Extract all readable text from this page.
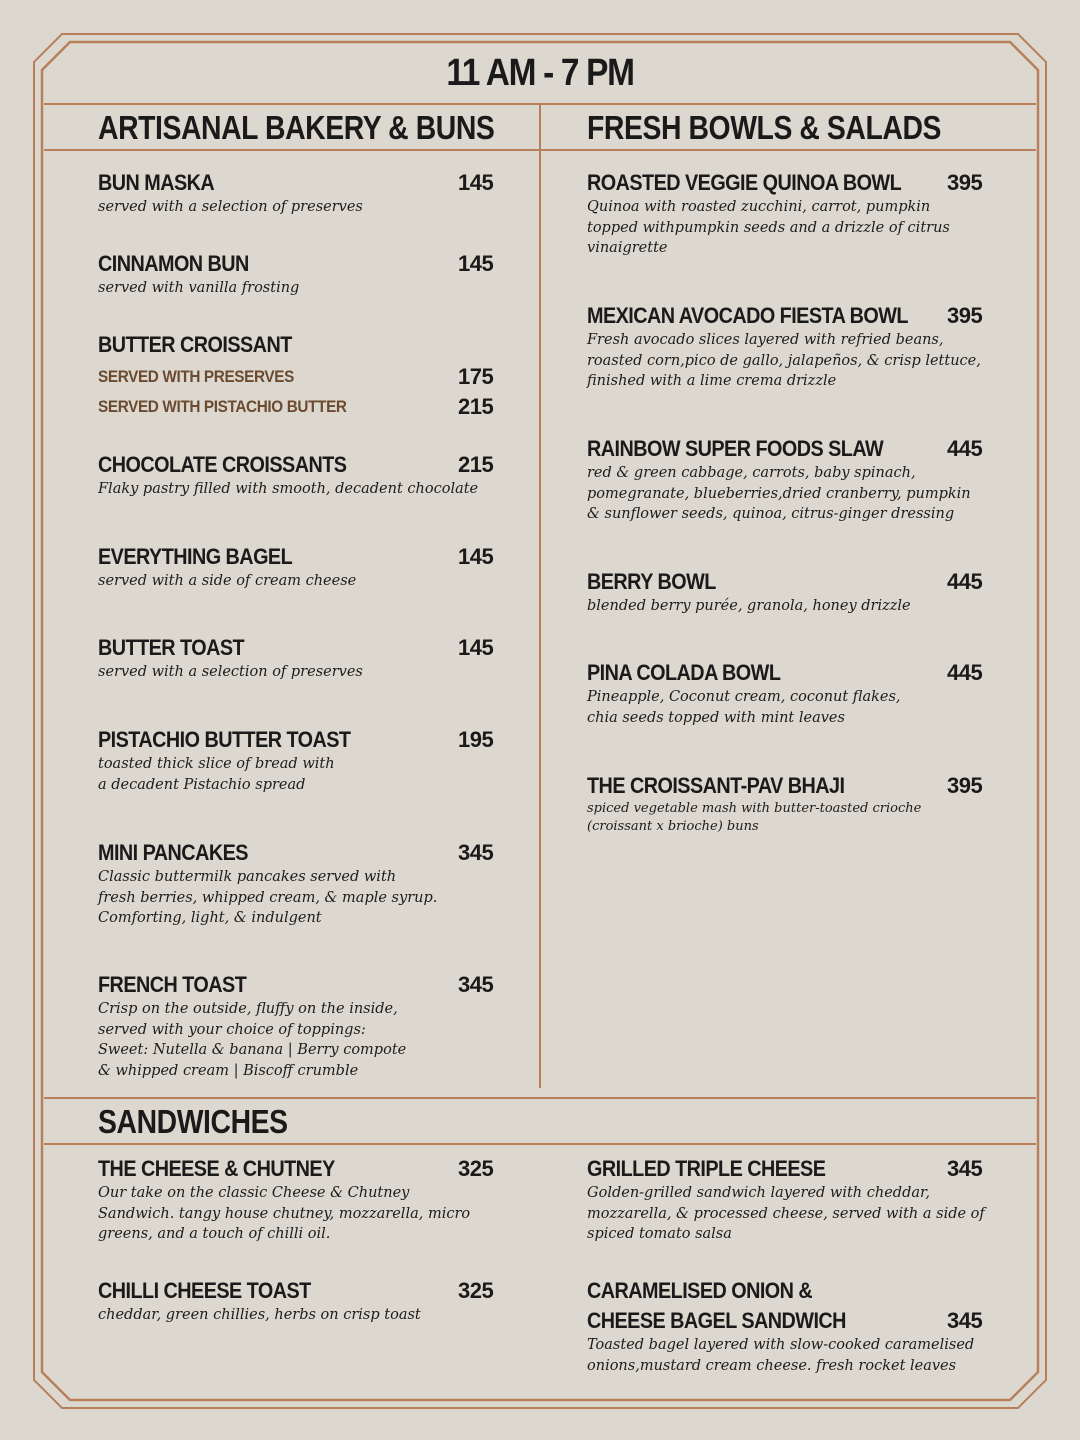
11 AM - 7 PM
ARTISANAL BAKERY & BUNS	FRESH BOWLS & SALADS
SANDWICHES
BUN MASKA	145
served with a selection of preserves
CINNAMON BUN	145
served with vanilla frosting
BUTTER CROISSANT
SERVED WITH PRESERVES	175
SERVED WITH PISTACHIO BUTTER	215
CHOCOLATE CROISSANTS	215
Flaky pastry filled with smooth, decadent chocolate
EVERYTHING BAGEL	145
served with a side of cream cheese
BUTTER TOAST	145
served with a selection of preserves
PISTACHIO BUTTER TOAST	195
toasted thick slice of bread with
a decadent Pistachio spread
MINI PANCAKES	345
Classic buttermilk pancakes served with
fresh berries, whipped cream, & maple syrup.
Comforting, light, & indulgent
FRENCH TOAST	345
Crisp on the outside, fluffy on the inside,
served with your choice of toppings:
Sweet: Nutella & banana | Berry compote
& whipped cream | Biscoff crumble
ROASTED VEGGIE QUINOA BOWL	395
Quinoa with roasted zucchini, carrot, pumpkin
topped withpumpkin seeds and a drizzle of citrus
vinaigrette
MEXICAN AVOCADO FIESTA BOWL	395
Fresh avocado slices layered with refried beans,
roasted corn,pico de gallo, jalapeños, & crisp lettuce,
finished with a lime crema drizzle
RAINBOW SUPER FOODS SLAW	445
red & green cabbage, carrots, baby spinach,
pomegranate, blueberries,dried cranberry, pumpkin
& sunflower seeds, quinoa, citrus-ginger dressing
BERRY BOWL	445
blended berry purée, granola, honey drizzle
PINA COLADA BOWL	445
Pineapple, Coconut cream, coconut flakes,
chia seeds topped with mint leaves
THE CROISSANT-PAV BHAJI	395
spiced vegetable mash with butter-toasted crioche
(croissant x brioche) buns
THE CHEESE & CHUTNEY	325
Our take on the classic Cheese & Chutney
Sandwich. tangy house chutney, mozzarella, micro
greens, and a touch of chilli oil.
CHILLI CHEESE TOAST	325
cheddar, green chillies, herbs on crisp toast
GRILLED TRIPLE CHEESE	345
Golden-grilled sandwich layered with cheddar,
mozzarella, & processed cheese, served with a side of
spiced tomato salsa
CARAMELISED ONION &
CHEESE BAGEL SANDWICH	345
Toasted bagel layered with slow-cooked caramelised
onions,mustard cream cheese. fresh rocket leaves
